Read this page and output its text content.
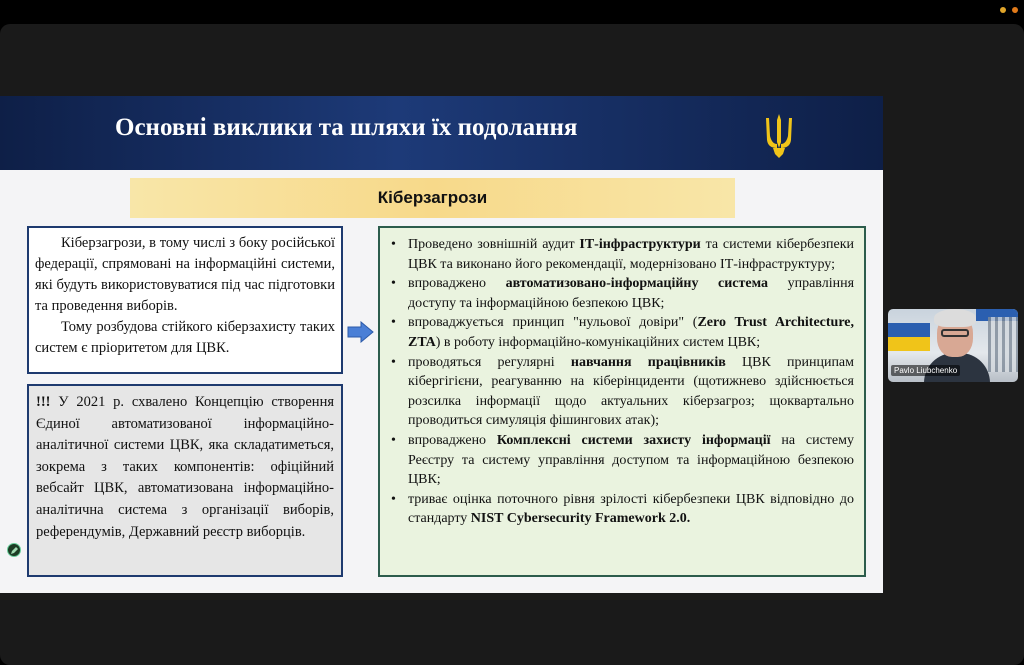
Основні виклики та шляхи їх подолання
Кіберзагрози

Кіберзагрози, в тому числі з боку російської федерації, спрямовані на інформаційні системи, які будуть використовуватися під час підготовки та проведення виборів.

Тому розбудова стійкого кіберзахисту таких систем є пріоритетом для ЦВК.

!!! У 2021 р. схвалено Концепцію створення Єдиної автоматизованої інформаційно-аналітичної системи ЦВК, яка складатиметься, зокрема з таких компонентів: офіційний вебсайт ЦВК, автоматизована інформаційно-аналітична система з організації виборів, референдумів, Державний реєстр виборців.

• Проведено зовнішній аудит ІТ-інфраструктури та системи кібербезпеки ЦВК та виконано його рекомендації, модернізовано ІТ-інфраструктуру;
• впроваджено автоматизовано-інформаційну система управління доступу та інформаційною безпекою ЦВК;
• впроваджується принцип "нульової довіри" (Zero Trust Architecture, ZTA) в роботу інформаційно-комунікаційних систем ЦВК;
• проводяться регулярні навчання працівників ЦВК принципам кібергігієни, реагуванню на кіберінциденти (щотижнево здійснюється розсилка інформації щодо актуальних кіберзагроз; щоквартально проводиться симуляція фішингових атак);
• впроваджено Комплексні системи захисту інформації на систему Реєстру та систему управління доступом та інформаційною безпекою ЦВК;
• триває оцінка поточного рівня зрілості кібербезпеки ЦВК відповідно до стандарту NIST Cybersecurity Framework 2.0.
Pavlo Liubchenko
